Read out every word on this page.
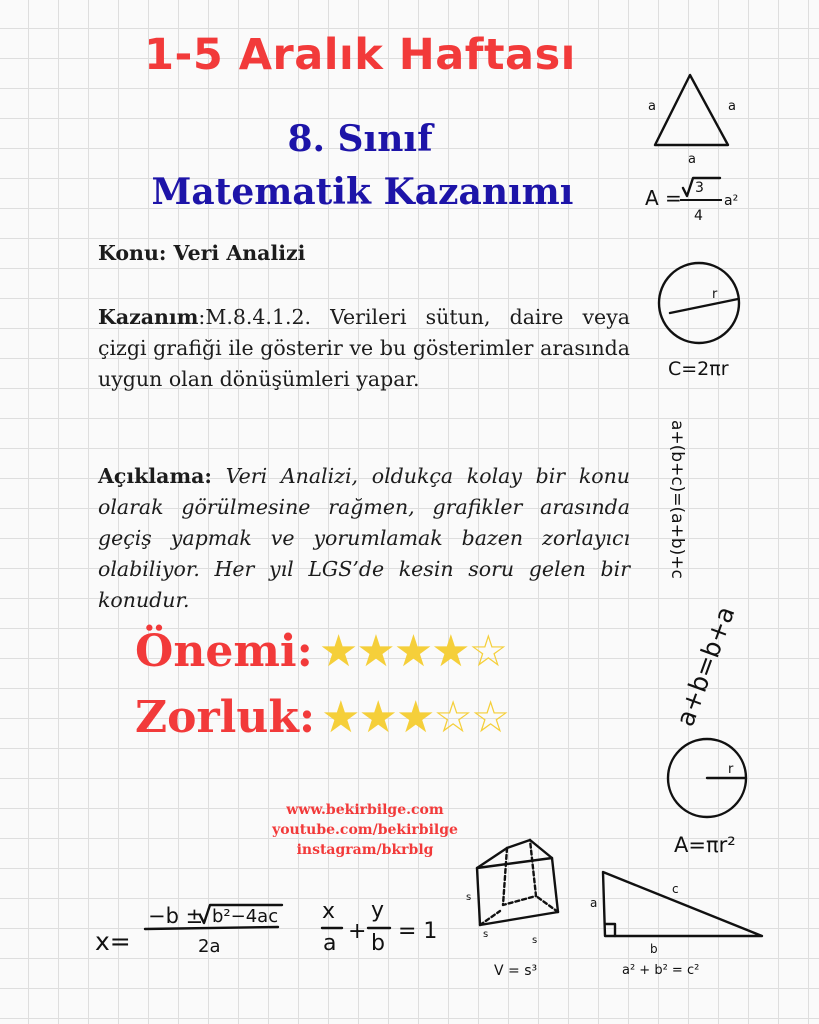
1-5 Aralık Haftası
8. Sınıf
Matematik Kazanımı
Konu: Veri Analizi
Kazanım:M.8.4.1.2. Verileri sütun, daire veya çizgi grafiği ile gösterir ve bu gösterimler arasında uygun olan dönüşümleri yapar.
Açıklama: Veri Analizi, oldukça kolay bir konu olarak görülmesine rağmen, grafikler arasında geçiş yapmak ve yorumlamak bazen zorlayıcı olabiliyor. Her yıl LGS’de kesin soru gelen bir konudur.
Önemi: ★★★★☆
Zorluk: ★★★☆☆
www.bekirbilge.com
youtube.com/bekirbilge
instagram/bkrblg
a	a
a
r
r
s
s
s
a
b
c
A = 3
4
a²
C=2πr
a+(b+c)=(a+b)+c
a+b=b+a
A=πr²
x=
−b ± b²−4ac
2a
x
a +
y
b = 1
V = s³	a² + b² = c²
